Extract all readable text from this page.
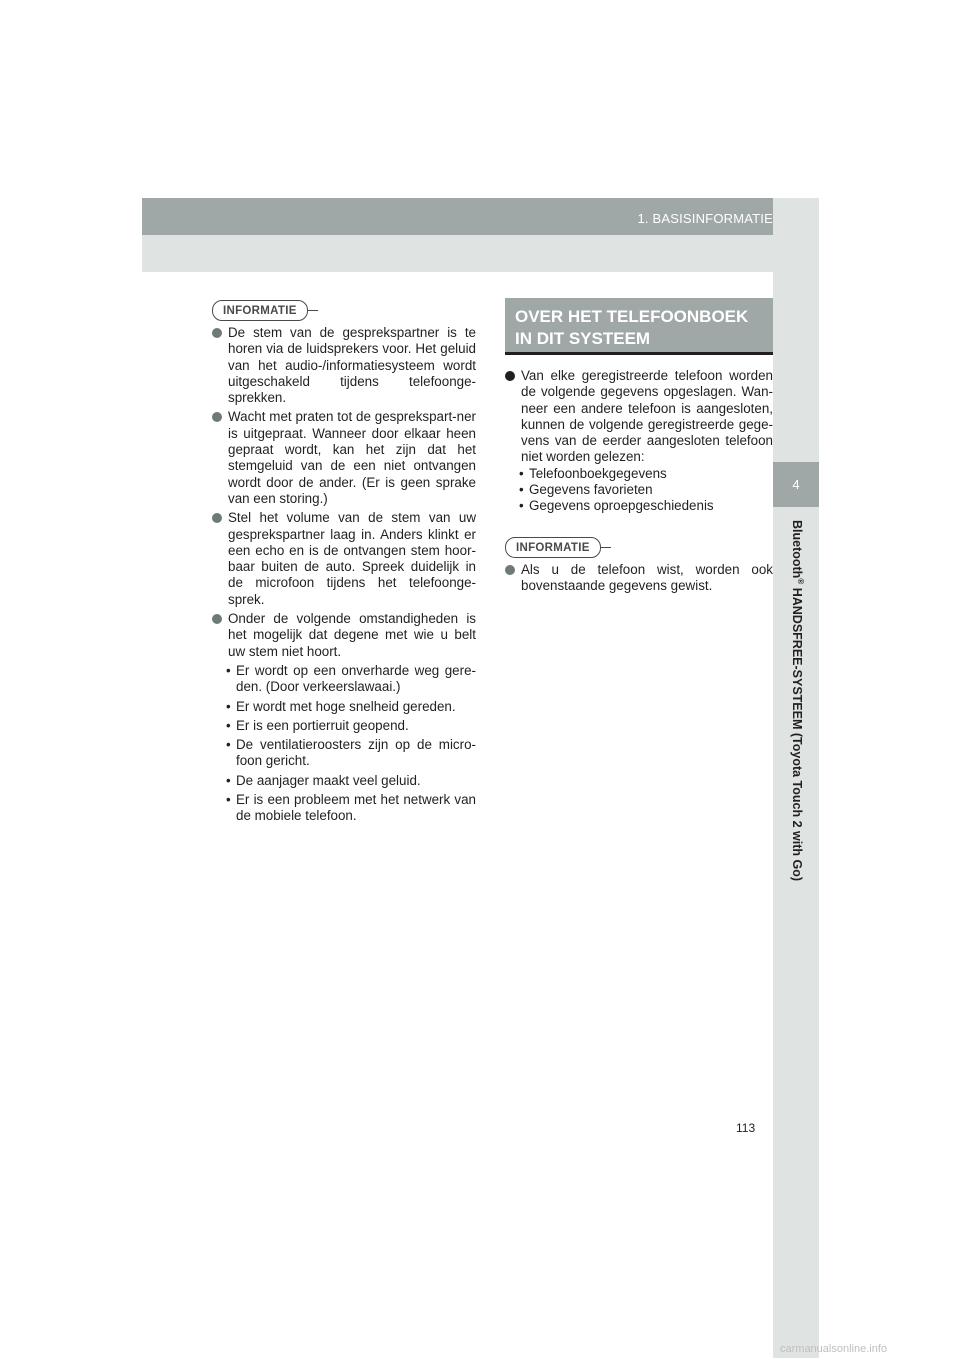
1. BASISINFORMATIE
4
Bluetooth® HANDSFREE-SYSTEEM (Toyota Touch 2 with Go)
INFORMATIE
De stem van de gesprekspartner is te horen via de luidsprekers voor. Het geluid van het audio-/informatiesysteem wordt uitgeschakeld tijdens telefoonge-sprekken.
Wacht met praten tot de gesprekspart-ner is uitgepraat. Wanneer door elkaar heen gepraat wordt, kan het zijn dat het stemgeluid van de een niet ontvangen wordt door de ander. (Er is geen sprake van een storing.)
Stel het volume van de stem van uw gesprekspartner laag in. Anders klinkt er een echo en is de ontvangen stem hoor-baar buiten de auto. Spreek duidelijk in de microfoon tijdens het telefoonge-sprek.
Onder de volgende omstandigheden is het mogelijk dat degene met wie u belt uw stem niet hoort.
• Er wordt op een onverharde weg gere-den. (Door verkeerslawaai.)
• Er wordt met hoge snelheid gereden.
• Er is een portierruit geopend.
• De ventilatieroosters zijn op de micro-foon gericht.
• De aanjager maakt veel geluid.
• Er is een probleem met het netwerk van de mobiele telefoon.
OVER HET TELEFOONBOEK
IN DIT SYSTEEM
Van elke geregistreerde telefoon worden de volgende gegevens opgeslagen. Wan-neer een andere telefoon is aangesloten, kunnen de volgende geregistreerde gege-vens van de eerder aangesloten telefoon niet worden gelezen:
• Telefoonboekgegevens
• Gegevens favorieten
• Gegevens oproepgeschiedenis
INFORMATIE
Als u de telefoon wist, worden ook bovenstaande gegevens gewist.
113
carmanualsonline.info
